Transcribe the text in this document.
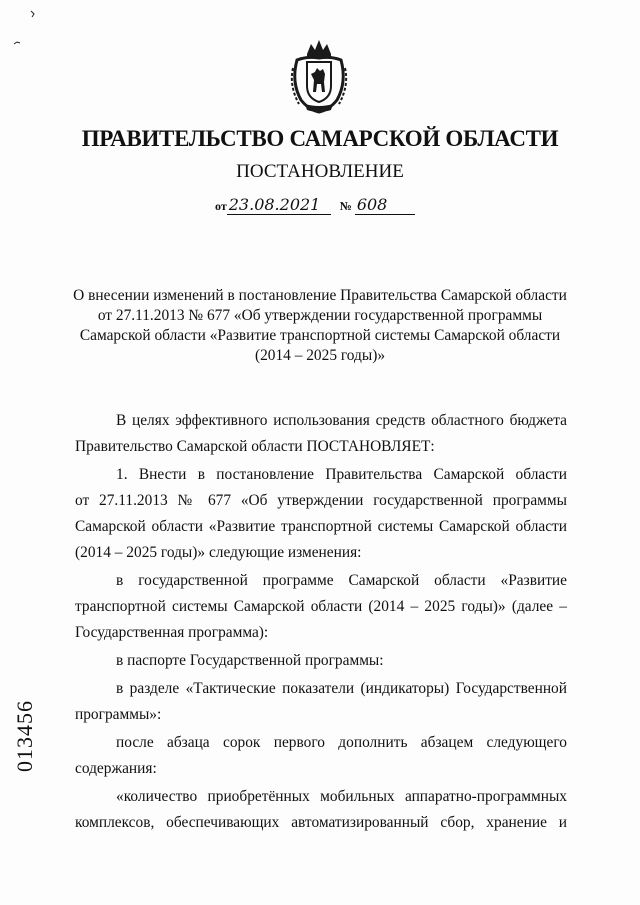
ПРАВИТЕЛЬСТВО САМАРСКОЙ ОБЛАСТИ
ПОСТАНОВЛЕНИЕ
от 23.08.2021 № 608
О внесении изменений в постановление Правительства Самарской области
от 27.11.2013 № 677 «Об утверждении государственной программы
Самарской области «Развитие транспортной системы Самарской области
(2014 – 2025 годы)»

В целях эффективного использования средств областного бюджета

Правительство Самарской области ПОСТАНОВЛЯЕТ:

1. Внести в постановление Правительства Самарской области

от 27.11.2013 № 677 «Об утверждении государственной программы

Самарской области «Развитие транспортной системы Самарской области

(2014 – 2025 годы)» следующие изменения:

в государственной программе Самарской области «Развитие

транспортной системы Самарской области (2014 – 2025 годы)» (далее –

Государственная программа):

в паспорте Государственной программы:

в разделе «Тактические показатели (индикаторы) Государственной

программы»:

после абзаца сорок первого дополнить абзацем следующего

содержания:

«количество приобретённых мобильных аппаратно-программных

комплексов, обеспечивающих автоматизированный сбор, хранение и

013456
